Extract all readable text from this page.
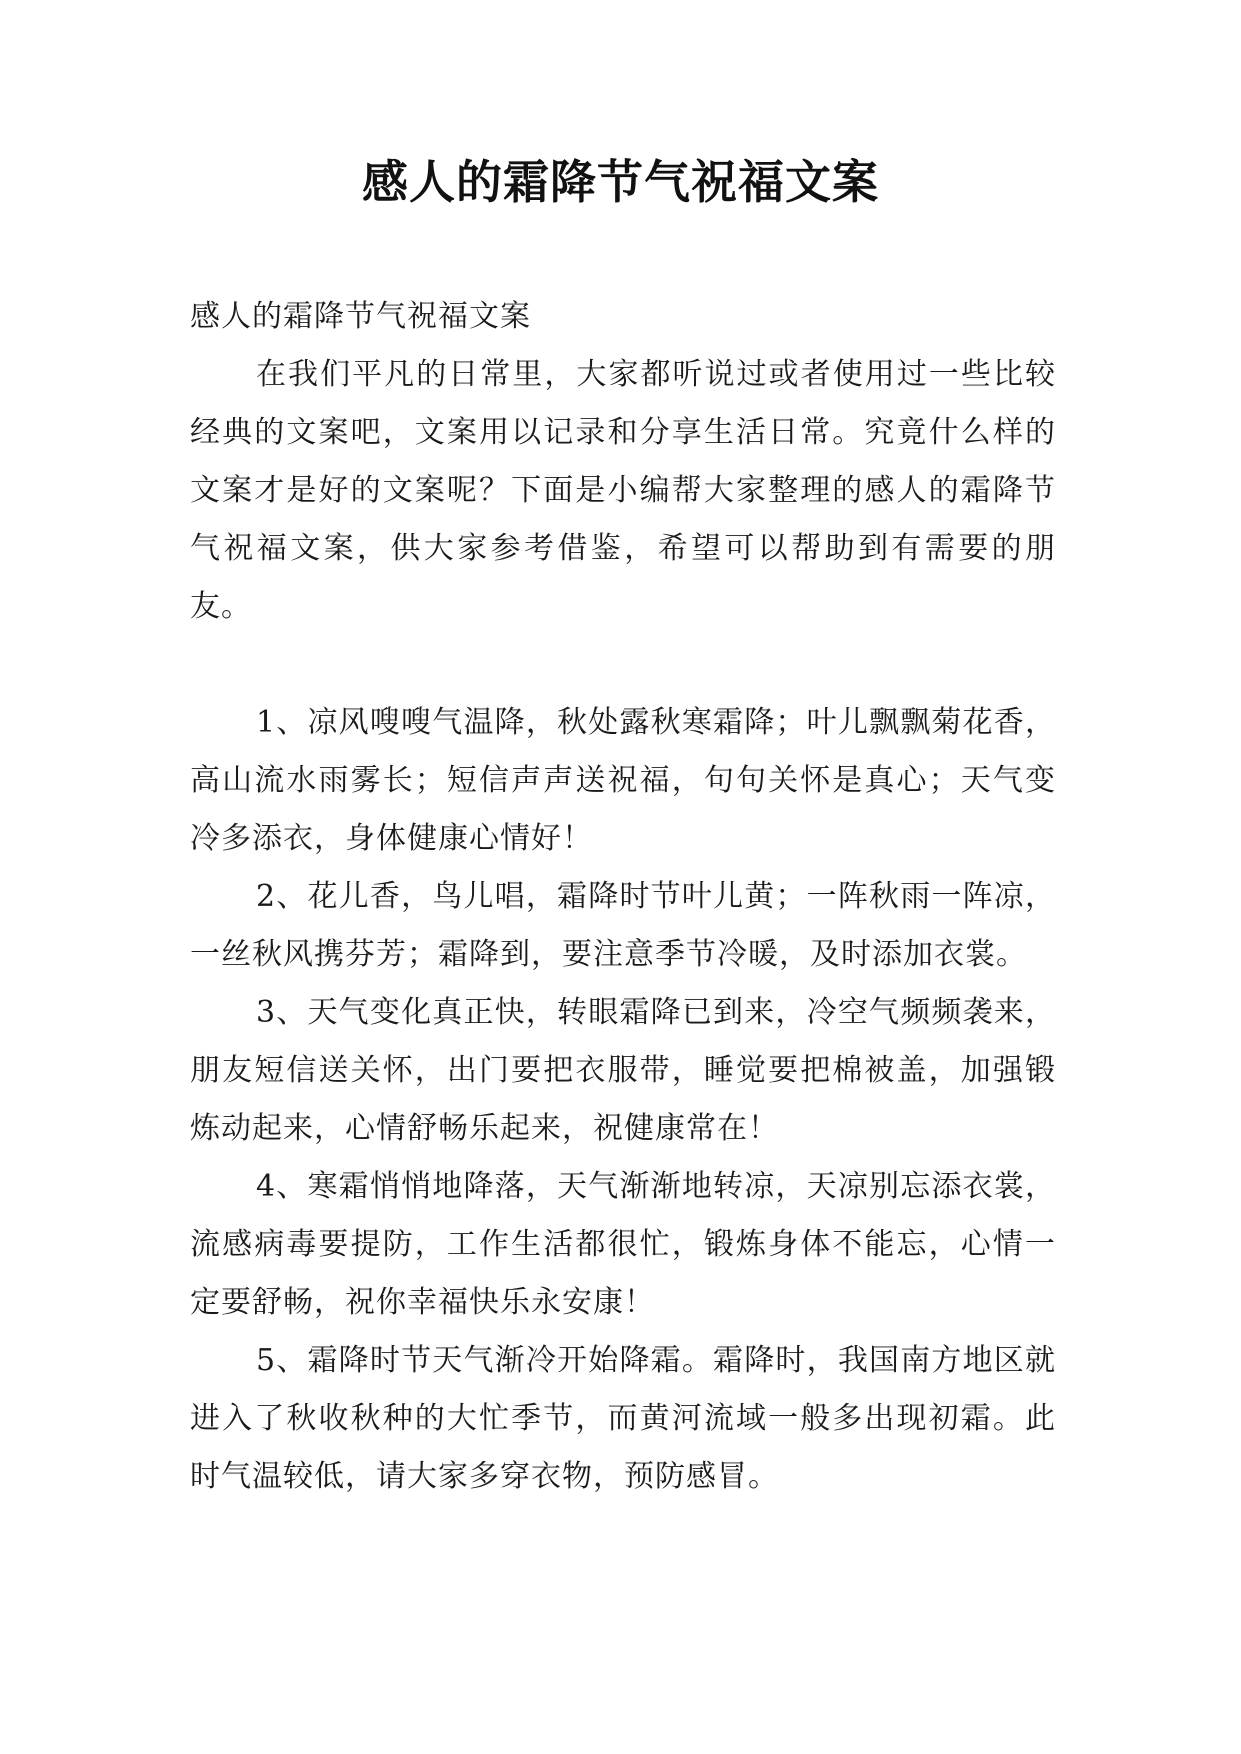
感人的霜降节气祝福文案

感人的霜降节气祝福文案

在我们平凡的日常里，大家都听说过或者使用过一些比较经典的文案吧，文案用以记录和分享生活日常。究竟什么样的文案才是好的文案呢？下面是小编帮大家整理的感人的霜降节气祝福文案，供大家参考借鉴，希望可以帮助到有需要的朋友。

1、凉风嗖嗖气温降，秋处露秋寒霜降；叶儿飘飘菊花香，高山流水雨雾长；短信声声送祝福，句句关怀是真心；天气变冷多添衣，身体健康心情好！

2、花儿香，鸟儿唱，霜降时节叶儿黄；一阵秋雨一阵凉，一丝秋风携芬芳；霜降到，要注意季节冷暖，及时添加衣裳。

3、天气变化真正快，转眼霜降已到来，冷空气频频袭来，朋友短信送关怀，出门要把衣服带，睡觉要把棉被盖，加强锻炼动起来，心情舒畅乐起来，祝健康常在！

4、寒霜悄悄地降落，天气渐渐地转凉，天凉别忘添衣裳，流感病毒要提防，工作生活都很忙，锻炼身体不能忘，心情一定要舒畅，祝你幸福快乐永安康！

5、霜降时节天气渐冷开始降霜。霜降时，我国南方地区就进入了秋收秋种的大忙季节，而黄河流域一般多出现初霜。此时气温较低，请大家多穿衣物，预防感冒。
